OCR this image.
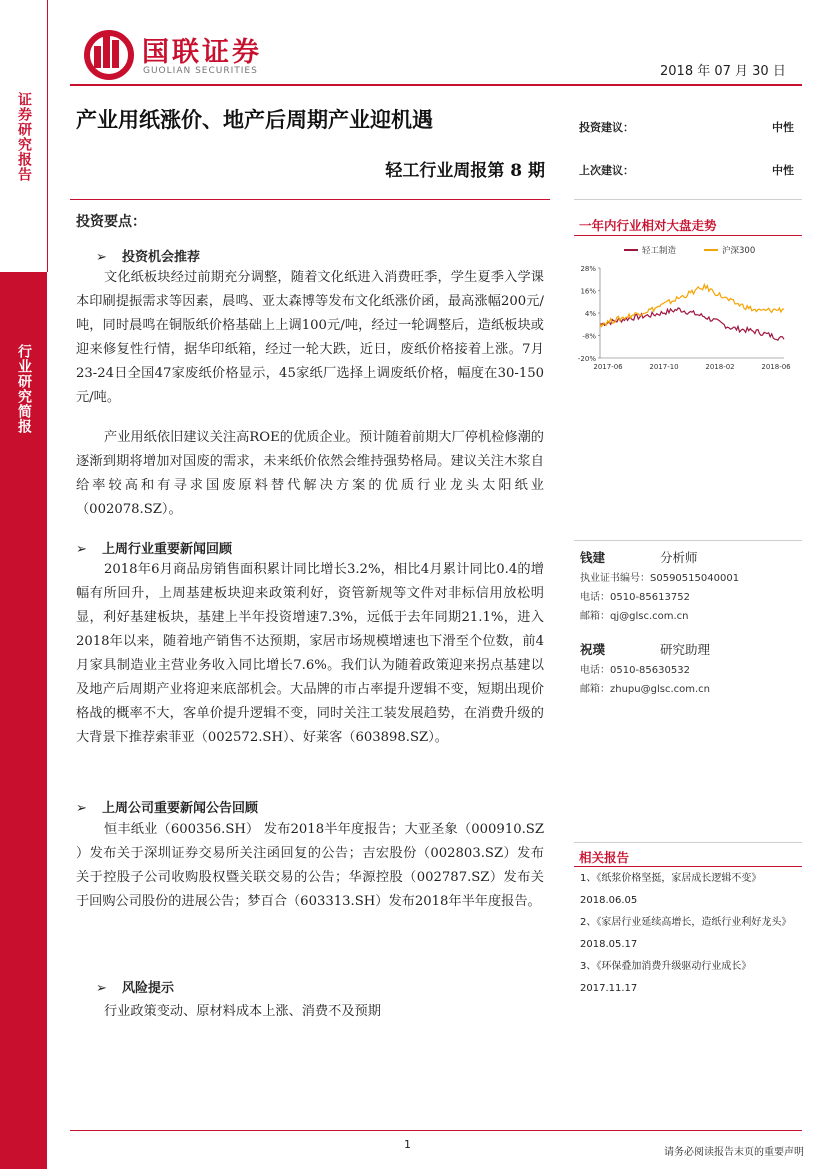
证券研究报告
行业研究简报
国联证券
GUOLIAN SECURITIES	2018 年 07 月 30 日
产业用纸涨价、地产后周期产业迎机遇
轻工行业周报第 8 期
投资建议：	中性
上次建议：	中性
投资要点：
➢ 投资机会推荐
文化纸板块经过前期充分调整，随着文化纸进入消费旺季，学生夏季入学课本印刷提振需求等因素，晨鸣、亚太森博等发布文化纸涨价函，最高涨幅200元/吨，同时晨鸣在铜版纸价格基础上上调100元/吨，经过一轮调整后，造纸板块或迎来修复性行情，据华印纸箱，经过一轮大跌，近日，废纸价格接着上涨。7月23-24日全国47家废纸价格显示，45家纸厂选择上调废纸价格，幅度在30-150元/吨。
产业用纸依旧建议关注高ROE的优质企业。预计随着前期大厂停机检修潮的逐渐到期将增加对国废的需求，未来纸价依然会维持强势格局。建议关注木浆自给率较高和有寻求国废原料替代解决方案的优质行业龙头太阳纸业（002078.SZ）。
➢ 上周行业重要新闻回顾
2018年6月商品房销售面积累计同比增长3.2%，相比4月累计同比0.4的增幅有所回升，上周基建板块迎来政策利好，资管新规等文件对非标信用放松明显，利好基建板块，基建上半年投资增速7.3%，远低于去年同期21.1%，进入2018年以来，随着地产销售不达预期，家居市场规模增速也下滑至个位数，前4月家具制造业主营业务收入同比增长7.6%。我们认为随着政策迎来拐点基建以及地产后周期产业将迎来底部机会。大品牌的市占率提升逻辑不变，短期出现价格战的概率不大，客单价提升逻辑不变，同时关注工装发展趋势，在消费升级的大背景下推荐索菲亚（002572.SH）、好莱客（603898.SZ）。
➢ 上周公司重要新闻公告回顾
恒丰纸业（600356.SH） 发布2018半年度报告；大亚圣象（000910.SZ ）发布关于深圳证券交易所关注函回复的公告；吉宏股份（002803.SZ）发布关于控股子公司收购股权暨关联交易的公告；华源控股（002787.SZ）发布关于回购公司股份的进展公告；梦百合（603313.SH）发布2018年半年度报告。
➢ 风险提示
行业政策变动、原材料成本上涨、消费不及预期
一年内行业相对大盘走势
轻工制造	沪深300
28%
16%
4%
-8%
-20%
2017-06	2017-10	2018-02	2018-06
钱建	分析师
执业证书编号：S0590515040001
电话：0510-85613752
邮箱：qj@glsc.com.cn
祝璞	研究助理
电话：0510-85630532
邮箱：zhupu@glsc.com.cn
相关报告
1、《纸浆价格坚挺，家居成长逻辑不变》
2018.06.05
2、《家居行业延续高增长，造纸行业利好龙头》
2018.05.17
3、《环保叠加消费升级驱动行业成长》
2017.11.17
1
请务必阅读报告末页的重要声明
